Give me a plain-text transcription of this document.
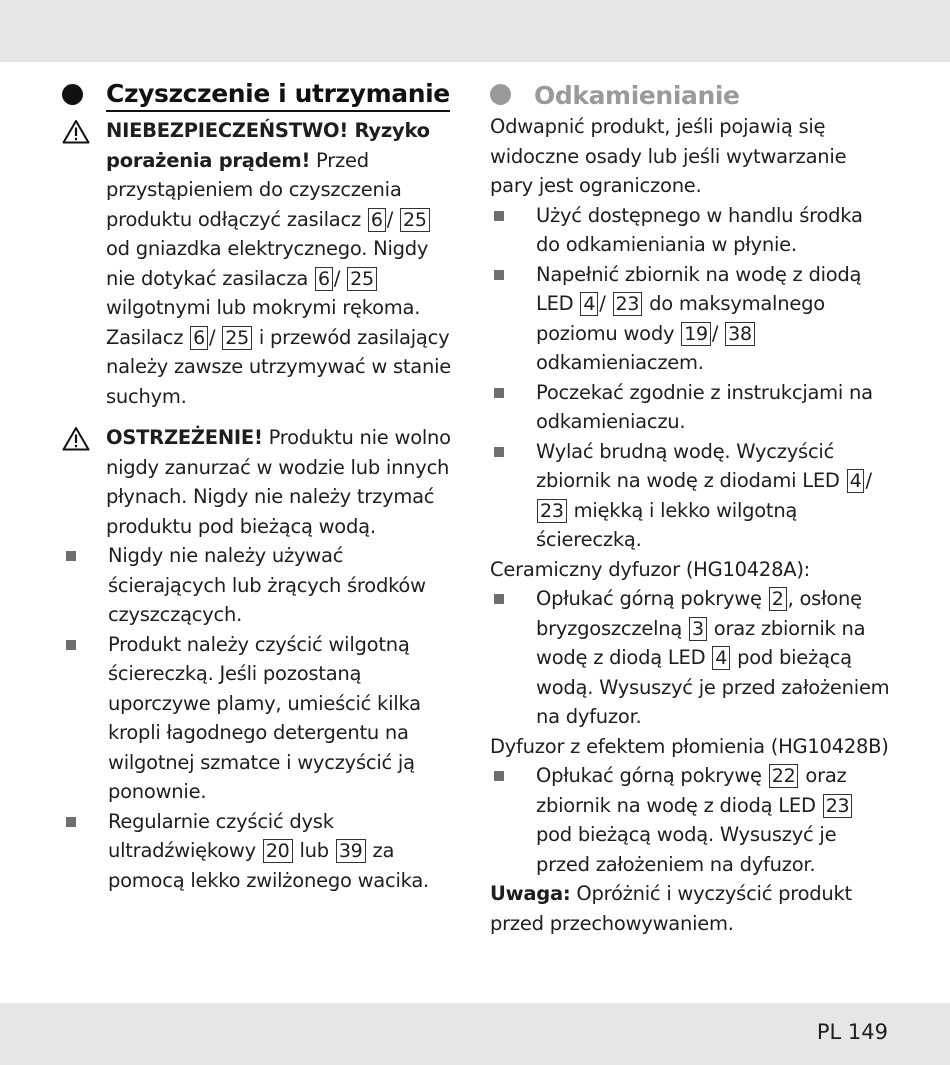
Czyszczenie i utrzymanie
NIEBEZPIECZEŃSTWO! Ryzyko porażenia prądem! Przed przystąpieniem do czyszczenia produktu odłączyć zasilacz 6 / 25 od gniazdka elektrycznego. Nigdy nie dotykać zasilacza 6 / 25 wilgotnymi lub mokrymi rękoma. Zasilacz 6 / 25 i przewód zasilający należy zawsze utrzymywać w stanie suchym.
OSTRZEŻENIE! Produktu nie wolno nigdy zanurzać w wodzie lub innych płynach. Nigdy nie należy trzymać produktu pod bieżącą wodą.
Nigdy nie należy używać ścierających lub żrących środków czyszczących.
Produkt należy czyścić wilgotną ściereczką. Jeśli pozostaną uporczywe plamy, umieścić kilka kropli łagodnego detergentu na wilgotnej szmatce i wyczyścić ją ponownie.
Regularnie czyścić dysk ultradźwiękowy 20 lub 39 za pomocą lekko zwilżonego wacika.
Odkamienianie
Odwapnić produkt, jeśli pojawią się widoczne osady lub jeśli wytwarzanie pary jest ograniczone.
Użyć dostępnego w handlu środka do odkamieniania w płynie.
Napełnić zbiornik na wodę z diodą LED 4 / 23 do maksymalnego poziomu wody 19 / 38 odkamieniaczem.
Poczekać zgodnie z instrukcjami na odkamieniaczu.
Wylać brudną wodę. Wyczyścić zbiornik na wodę z diodami LED 4 / 23 miękką i lekko wilgotną ściereczką.
Ceramiczny dyfuzor (HG10428A):
Opłukać górną pokrywę 2 , osłonę bryzgoszczelną 3 oraz zbiornik na wodę z diodą LED 4 pod bieżącą wodą. Wysuszyć je przed założeniem na dyfuzor.
Dyfuzor z efektem płomienia (HG10428B)
Opłukać górną pokrywę 22 oraz zbiornik na wodę z diodą LED 23 pod bieżącą wodą. Wysuszyć je przed założeniem na dyfuzor.
Uwaga: Opróżnić i wyczyścić produkt przed przechowywaniem.
PL 149
